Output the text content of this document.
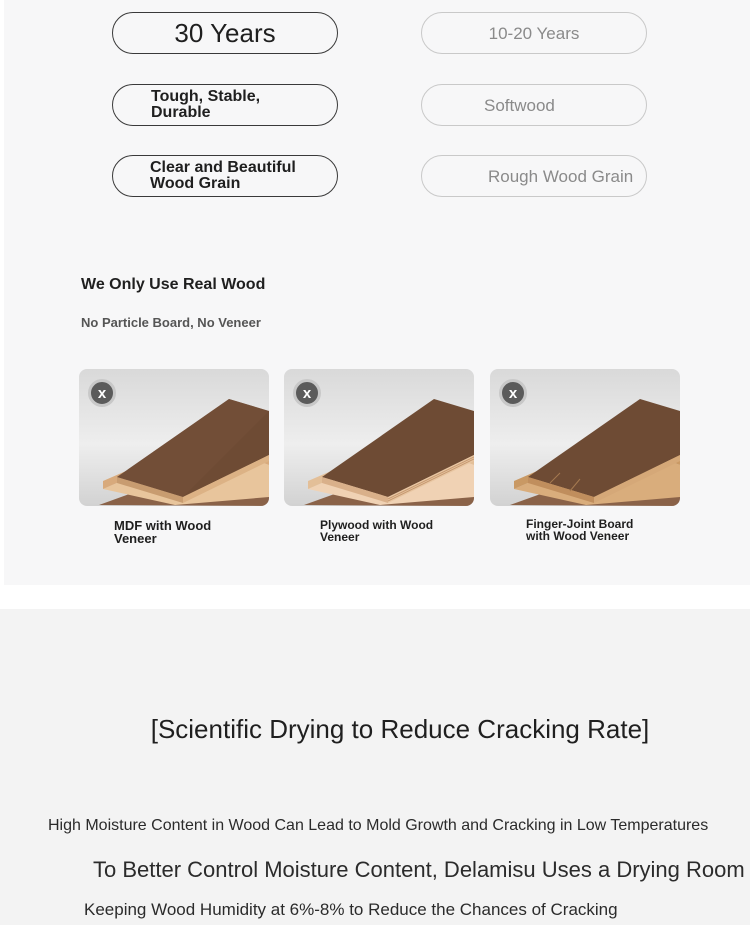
30 Years
Tough, Stable, Durable
Clear and Beautiful Wood Grain
10-20 Years
Softwood
Rough Wood Grain
We Only Use Real Wood
No Particle Board, No Veneer
x
MDF with Wood Veneer
x
Plywood with Wood Veneer
x
Finger-Joint Board with Wood Veneer
[Scientific Drying to Reduce Cracking Rate]
High Moisture Content in Wood Can Lead to Mold Growth and Cracking in Low Temperatures
To Better Control Moisture Content, Delamisu Uses a Drying Room
Keeping Wood Humidity at 6%-8% to Reduce the Chances of Cracking
